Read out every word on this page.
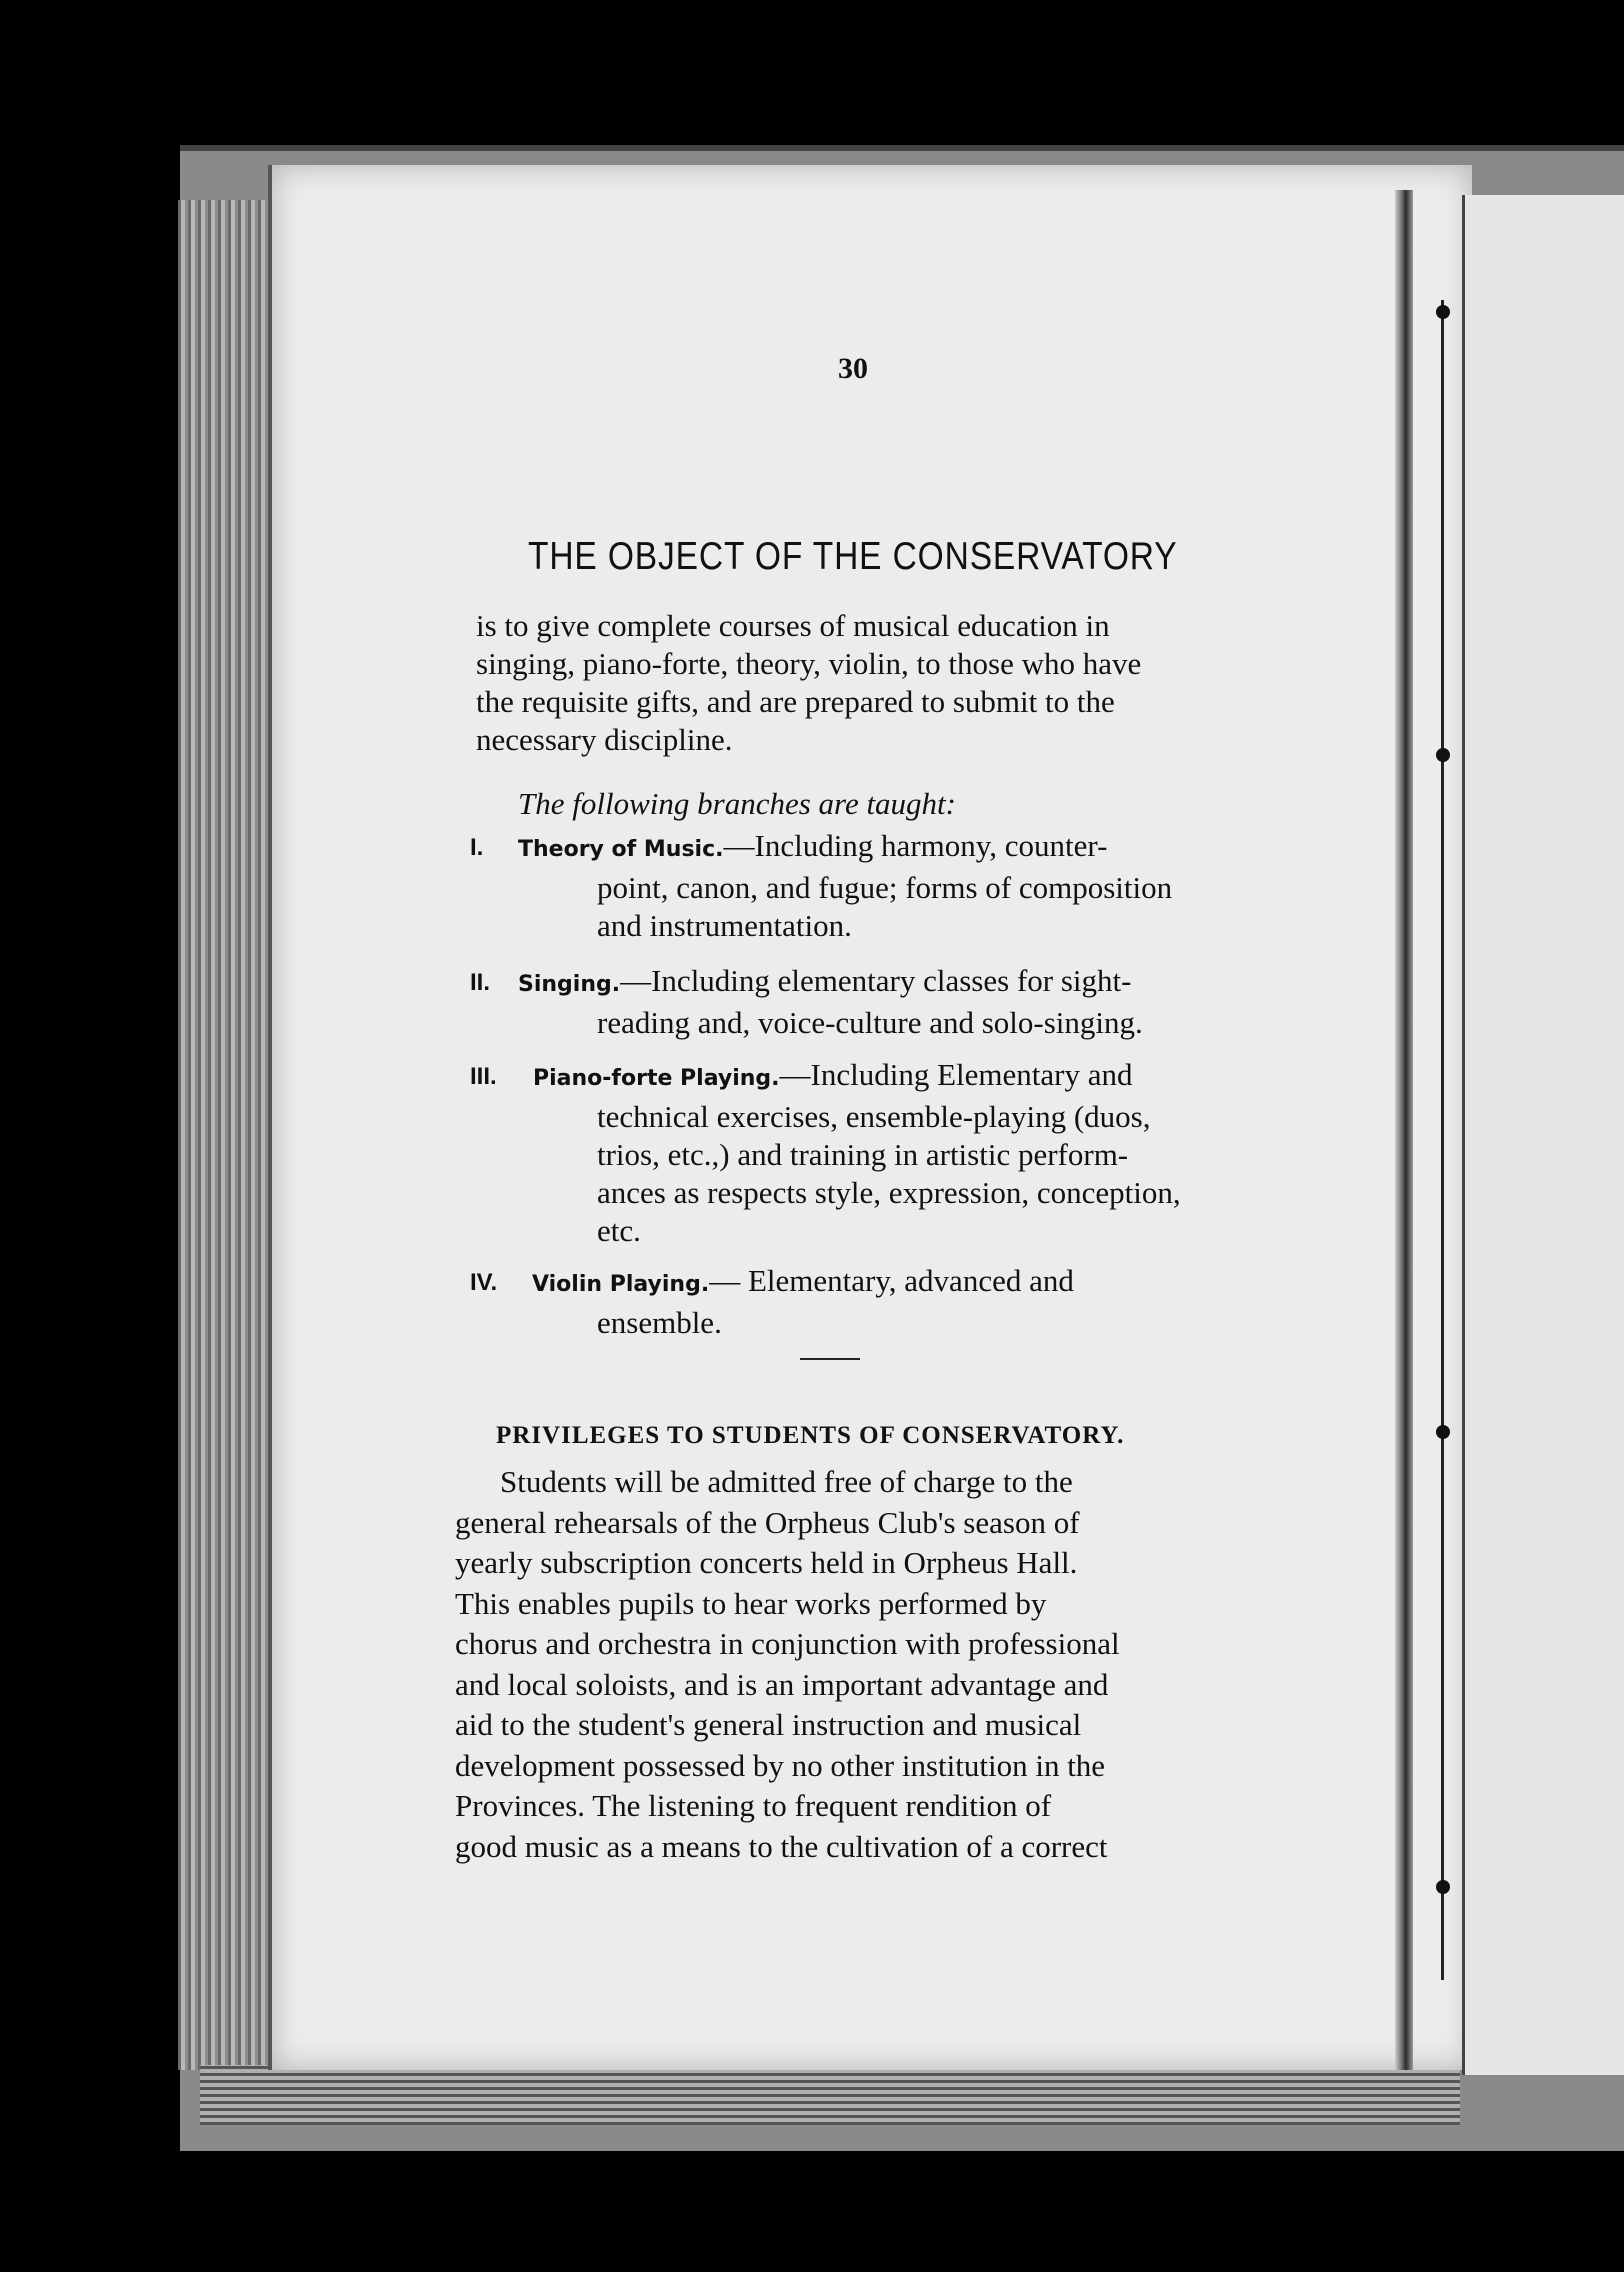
30
THE OBJECT OF THE CONSERVATORY
is to give complete courses of musical education in
singing, piano-forte, theory, violin, to those who have
the requisite gifts, and are prepared to submit to the
necessary discipline.
The following branches are taught:
I.	Theory of Music.—Including harmony, counter-
point, canon, and fugue; forms of composition
and instrumentation.
II.	Singing.—Including elementary classes for sight-
reading and, voice-culture and solo-singing.
III.	Piano-forte Playing.—Including Elementary and
technical exercises, ensemble-playing (duos,
trios, etc.,) and training in artistic perform-
ances as respects style, expression, conception,
etc.
IV.	Violin Playing.— Elementary, advanced and
ensemble.
PRIVILEGES TO STUDENTS OF CONSERVATORY.
Students will be admitted free of charge to the
general rehearsals of the Orpheus Club's season of
yearly subscription concerts held in Orpheus Hall.
This enables pupils to hear works performed by
chorus and orchestra in conjunction with professional
and local soloists, and is an important advantage and
aid to the student's general instruction and musical
development possessed by no other institution in the
Provinces. The listening to frequent rendition of
good music as a means to the cultivation of a correct
